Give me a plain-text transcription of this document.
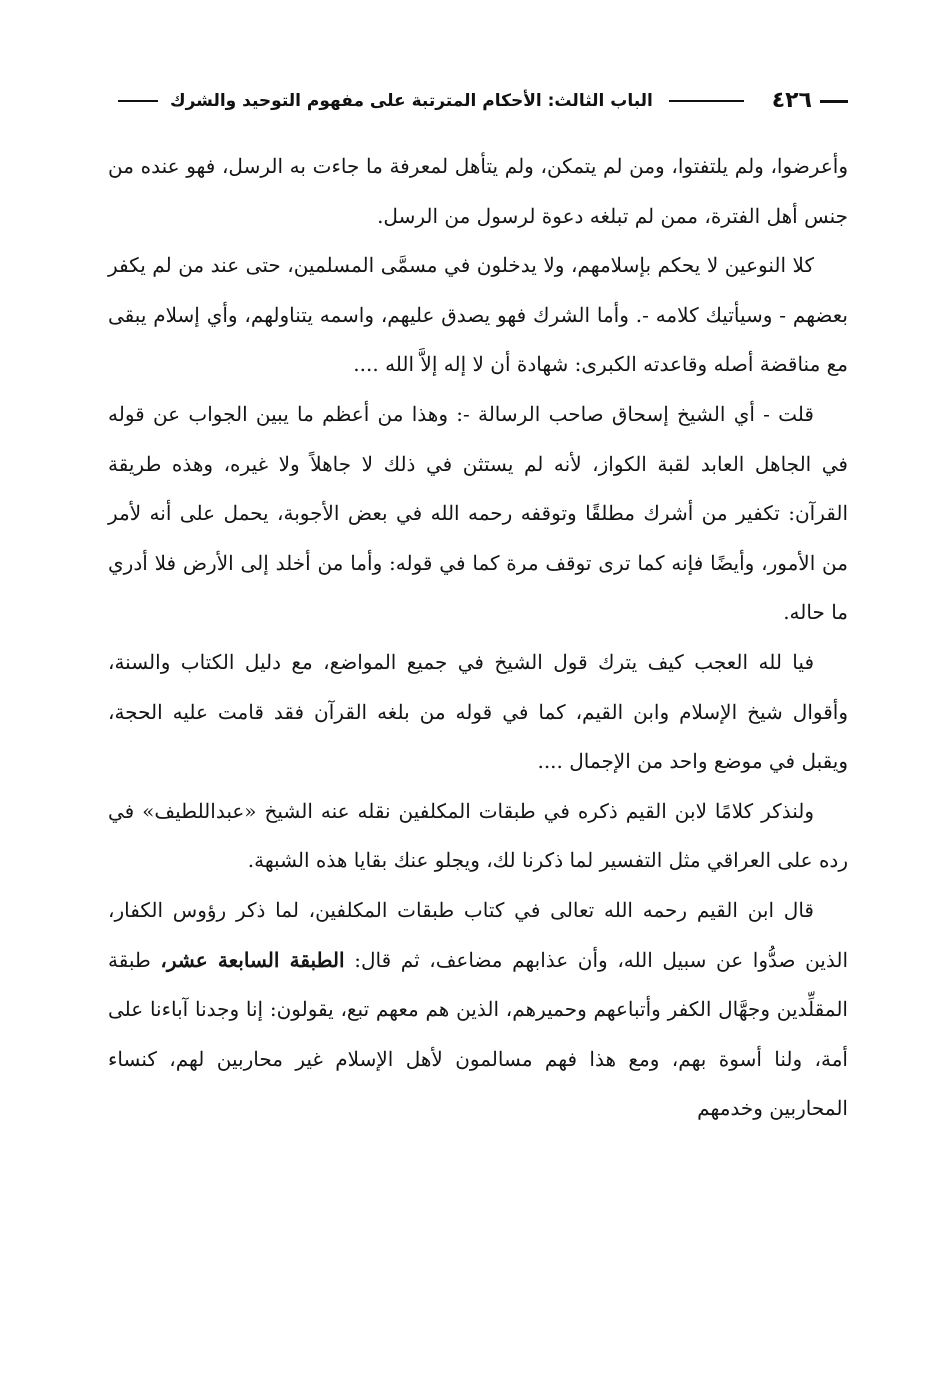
٤٢٦
الباب الثالث: الأحكام المترتبة على مفهوم التوحيد والشرك

وأعرضوا، ولم يلتفتوا، ومن لم يتمكن، ولم يتأهل لمعرفة ما جاءت به الرسل، فهو عنده من جنس أهل الفترة، ممن لم تبلغه دعوة لرسول من الرسل.

كلا النوعين لا يحكم بإسلامهم، ولا يدخلون في مسمَّى المسلمين، حتى عند من لم يكفر بعضهم - وسيأتيك كلامه -. وأما الشرك فهو يصدق عليهم، واسمه يتناولهم، وأي إسلام يبقى مع مناقضة أصله وقاعدته الكبرى: شهادة أن لا إله إلاَّ الله ....

قلت - أي الشيخ إسحاق صاحب الرسالة -: وهذا من أعظم ما يبين الجواب عن قوله في الجاهل العابد لقبة الكواز، لأنه لم يستثن في ذلك لا جاهلاً ولا غيره، وهذه طريقة القرآن: تكفير من أشرك مطلقًا وتوقفه رحمه الله في بعض الأجوبة، يحمل على أنه لأمر من الأمور، وأيضًا فإنه كما ترى توقف مرة كما في قوله: وأما من أخلد إلى الأرض فلا أدري ما حاله.

فيا لله العجب كيف يترك قول الشيخ في جميع المواضع، مع دليل الكتاب والسنة، وأقوال شيخ الإسلام وابن القيم، كما في قوله من بلغه القرآن فقد قامت عليه الحجة، ويقبل في موضع واحد من الإجمال ....

ولنذكر كلامًا لابن القيم ذكره في طبقات المكلفين نقله عنه الشيخ «عبداللطيف» في رده على العراقي مثل التفسير لما ذكرنا لك، ويجلو عنك بقايا هذه الشبهة.

قال ابن القيم رحمه الله تعالى في كتاب طبقات المكلفين، لما ذكر رؤوس الكفار، الذين صدُّوا عن سبيل الله، وأن عذابهم مضاعف، ثم قال: الطبقة السابعة عشر، طبقة المقلِّدين وجهَّال الكفر وأتباعهم وحميرهم، الذين هم معهم تبع، يقولون: إنا وجدنا آباءنا على أمة، ولنا أسوة بهم، ومع هذا فهم مسالمون لأهل الإسلام غير محاربين لهم، كنساء المحاربين وخدمهم
